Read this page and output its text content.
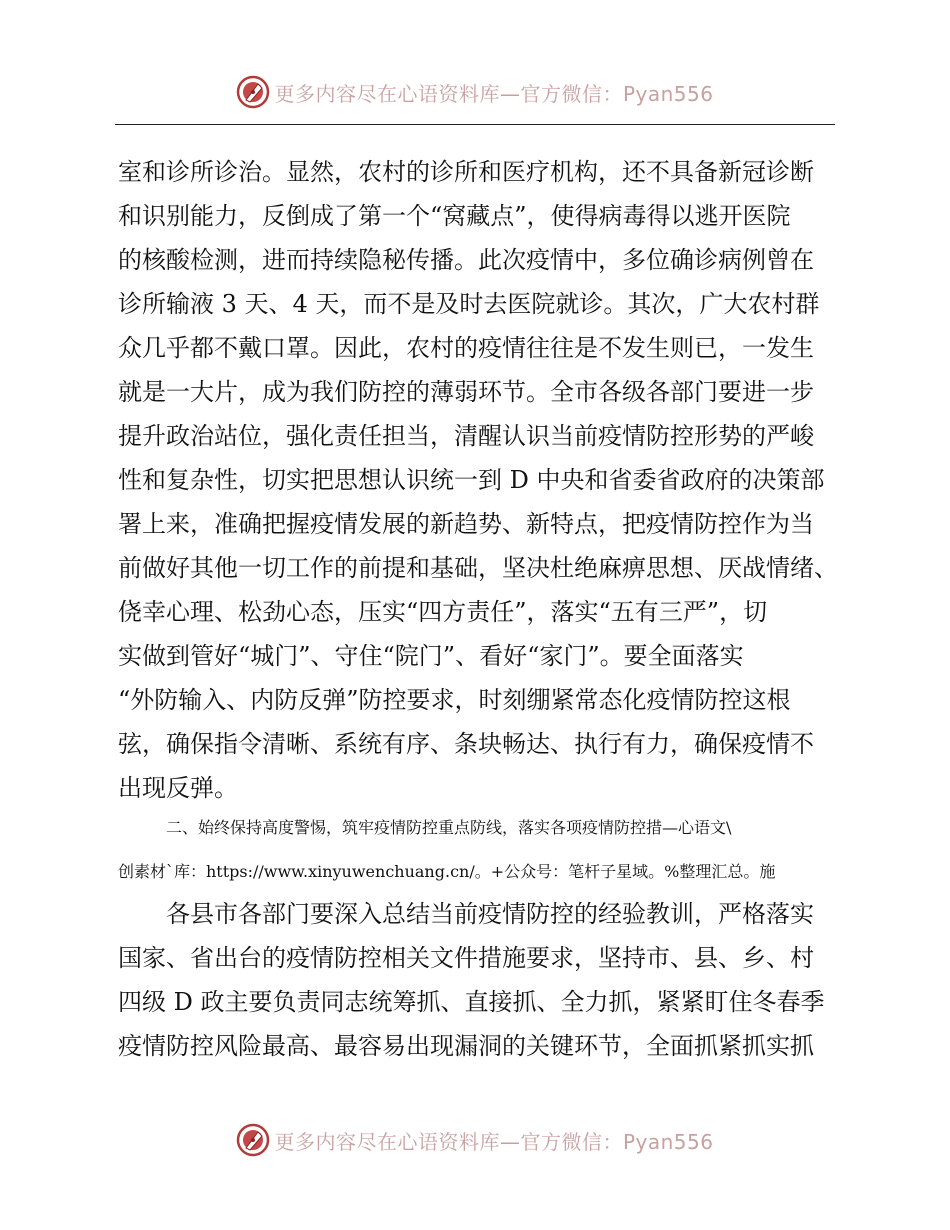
更多内容尽在心语资料库—官方微信：Pyan556
室和诊所诊治。显然，农村的诊所和医疗机构，还不具备新冠诊断
和识别能力，反倒成了第一个“窝藏点”，使得病毒得以逃开医院
的核酸检测，进而持续隐秘传播。此次疫情中，多位确诊病例曾在
诊所输液 3 天、4 天，而不是及时去医院就诊。其次，广大农村群
众几乎都不戴口罩。因此，农村的疫情往往是不发生则已，一发生
就是一大片，成为我们防控的薄弱环节。全市各级各部门要进一步
提升政治站位，强化责任担当，清醒认识当前疫情防控形势的严峻
性和复杂性，切实把思想认识统一到 D 中央和省委省政府的决策部
署上来，准确把握疫情发展的新趋势、新特点，把疫情防控作为当
前做好其他一切工作的前提和基础，坚决杜绝麻痹思想、厌战情绪、
侥幸心理、松劲心态，压实“四方责任”，落实“五有三严”，切
实做到管好“城门”、守住“院门”、看好“家门”。要全面落实
“外防输入、内防反弹”防控要求，时刻绷紧常态化疫情防控这根
弦，确保指令清晰、系统有序、条块畅达、执行有力，确保疫情不
出现反弹。
二、始终保持高度警惕，筑牢疫情防控重点防线，落实各项疫情防控措—心语文\
创素材`库：https://www.xinyuwenchuang.cn/。+公众号：笔杆子星域。%整理汇总。施
各县市各部门要深入总结当前疫情防控的经验教训，严格落实
国家、省出台的疫情防控相关文件措施要求，坚持市、县、乡、村
四级 D 政主要负责同志统筹抓、直接抓、全力抓，紧紧盯住冬春季
疫情防控风险最高、最容易出现漏洞的关键环节，全面抓紧抓实抓
更多内容尽在心语资料库—官方微信：Pyan556
